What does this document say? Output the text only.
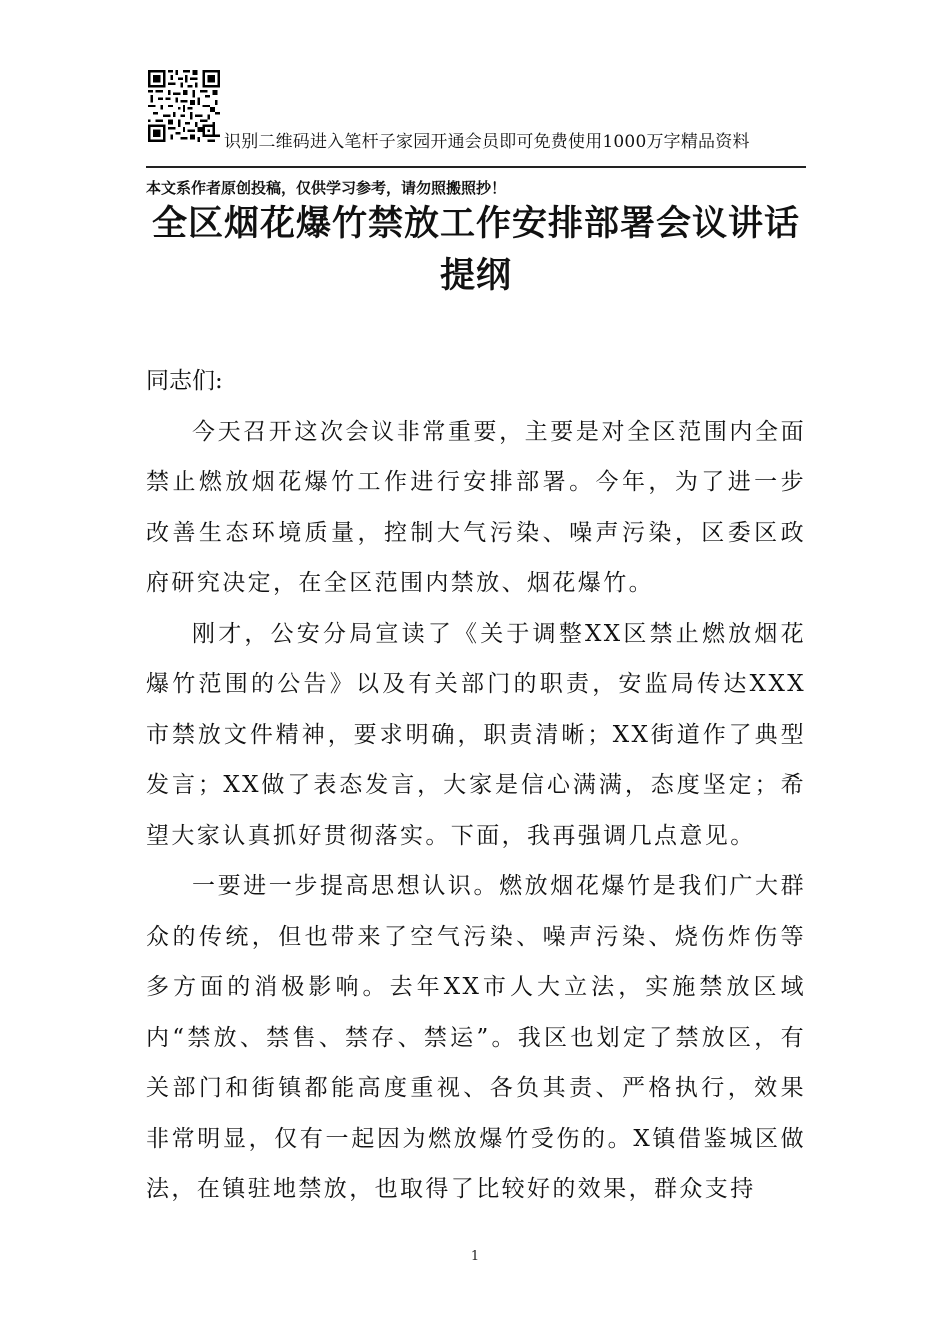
识别二维码进入笔杆子家园开通会员即可免费使用1000万字精品资料
本文系作者原创投稿，仅供学习参考，请勿照搬照抄！
全区烟花爆竹禁放工作安排部署会议讲话
提纲

同志们:

今天召开这次会议非常重要，主要是对全区范围内全面禁止燃放烟花爆竹工作进行安排部署。今年，为了进一步改善生态环境质量，控制大气污染、噪声污染，区委区政府研究决定，在全区范围内禁放、烟花爆竹。

刚才，公安分局宣读了《关于调整XX区禁止燃放烟花爆竹范围的公告》以及有关部门的职责，安监局传达XXX市禁放文件精神，要求明确，职责清晰；XX街道作了典型发言；XX做了表态发言，大家是信心满满，态度坚定；希望大家认真抓好贯彻落实。下面，我再强调几点意见。

一要进一步提高思想认识。燃放烟花爆竹是我们广大群众的传统，但也带来了空气污染、噪声污染、烧伤炸伤等多方面的消极影响。去年XX市人大立法，实施禁放区域内“禁放、禁售、禁存、禁运”。我区也划定了禁放区，有关部门和街镇都能高度重视、各负其责、严格执行，效果非常明显，仅有一起因为燃放爆竹受伤的。X镇借鉴城区做法，在镇驻地禁放，也取得了比较好的效果，群众支持

1
